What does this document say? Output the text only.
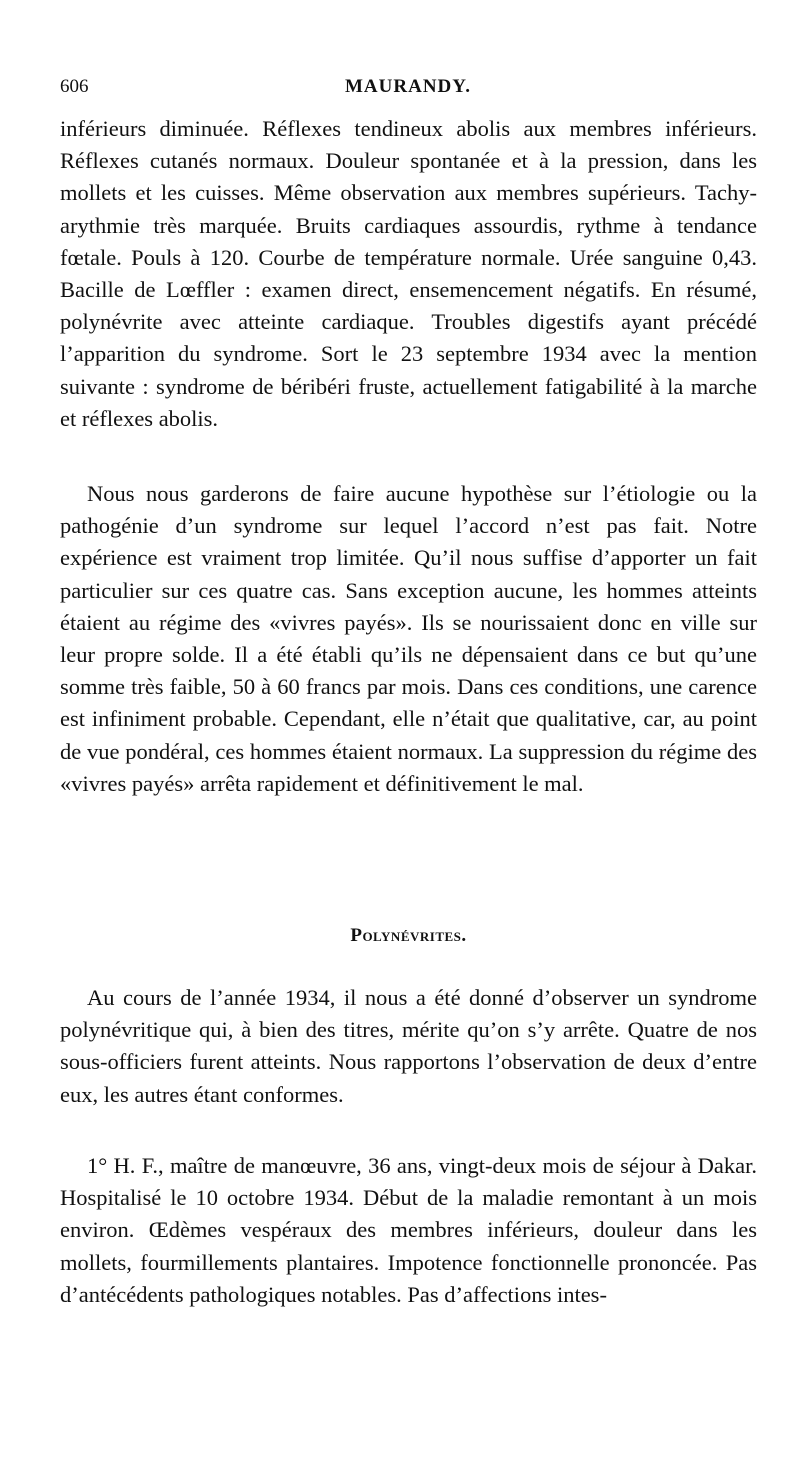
606	MAURANDY.

inférieurs diminuée. Réflexes tendineux abolis aux membres inférieurs. Réflexes cutanés normaux. Douleur spontanée et à la pression, dans les mollets et les cuisses. Même observation aux membres supérieurs. Tachy-arythmie très marquée. Bruits cardiaques assourdis, rythme à tendance fœtale. Pouls à 120. Courbe de température normale. Urée sanguine 0,43. Bacille de Lœffler : examen direct, ensemencement négatifs. En résumé, polynévrite avec atteinte cardiaque. Troubles digestifs ayant précédé l’apparition du syndrome. Sort le 23 septembre 1934 avec la mention suivante : syndrome de béribéri fruste, actuellement fatigabilité à la marche et réflexes abolis.

Nous nous garderons de faire aucune hypothèse sur l’étiologie ou la pathogénie d’un syndrome sur lequel l’accord n’est pas fait. Notre expérience est vraiment trop limitée. Qu’il nous suffise d’apporter un fait particulier sur ces quatre cas. Sans exception aucune, les hommes atteints étaient au régime des «vivres payés». Ils se nourissaient donc en ville sur leur propre solde. Il a été établi qu’ils ne dépensaient dans ce but qu’une somme très faible, 50 à 60 francs par mois. Dans ces conditions, une carence est infiniment probable. Cependant, elle n’était que qualitative, car, au point de vue pondéral, ces hommes étaient normaux. La suppression du régime des «vivres payés» arrêta rapidement et définitivement le mal.

Polynévrites.

Au cours de l’année 1934, il nous a été donné d’observer un syndrome polynévritique qui, à bien des titres, mérite qu’on s’y arrête. Quatre de nos sous-officiers furent atteints. Nous rapportons l’observation de deux d’entre eux, les autres étant conformes.

1° H. F., maître de manœuvre, 36 ans, vingt-deux mois de séjour à Dakar. Hospitalisé le 10 octobre 1934. Début de la maladie remontant à un mois environ. Œdèmes vespéraux des membres inférieurs, douleur dans les mollets, fourmillements plantaires. Impotence fonctionnelle prononcée. Pas d’antécédents pathologiques notables. Pas d’affections intes-
